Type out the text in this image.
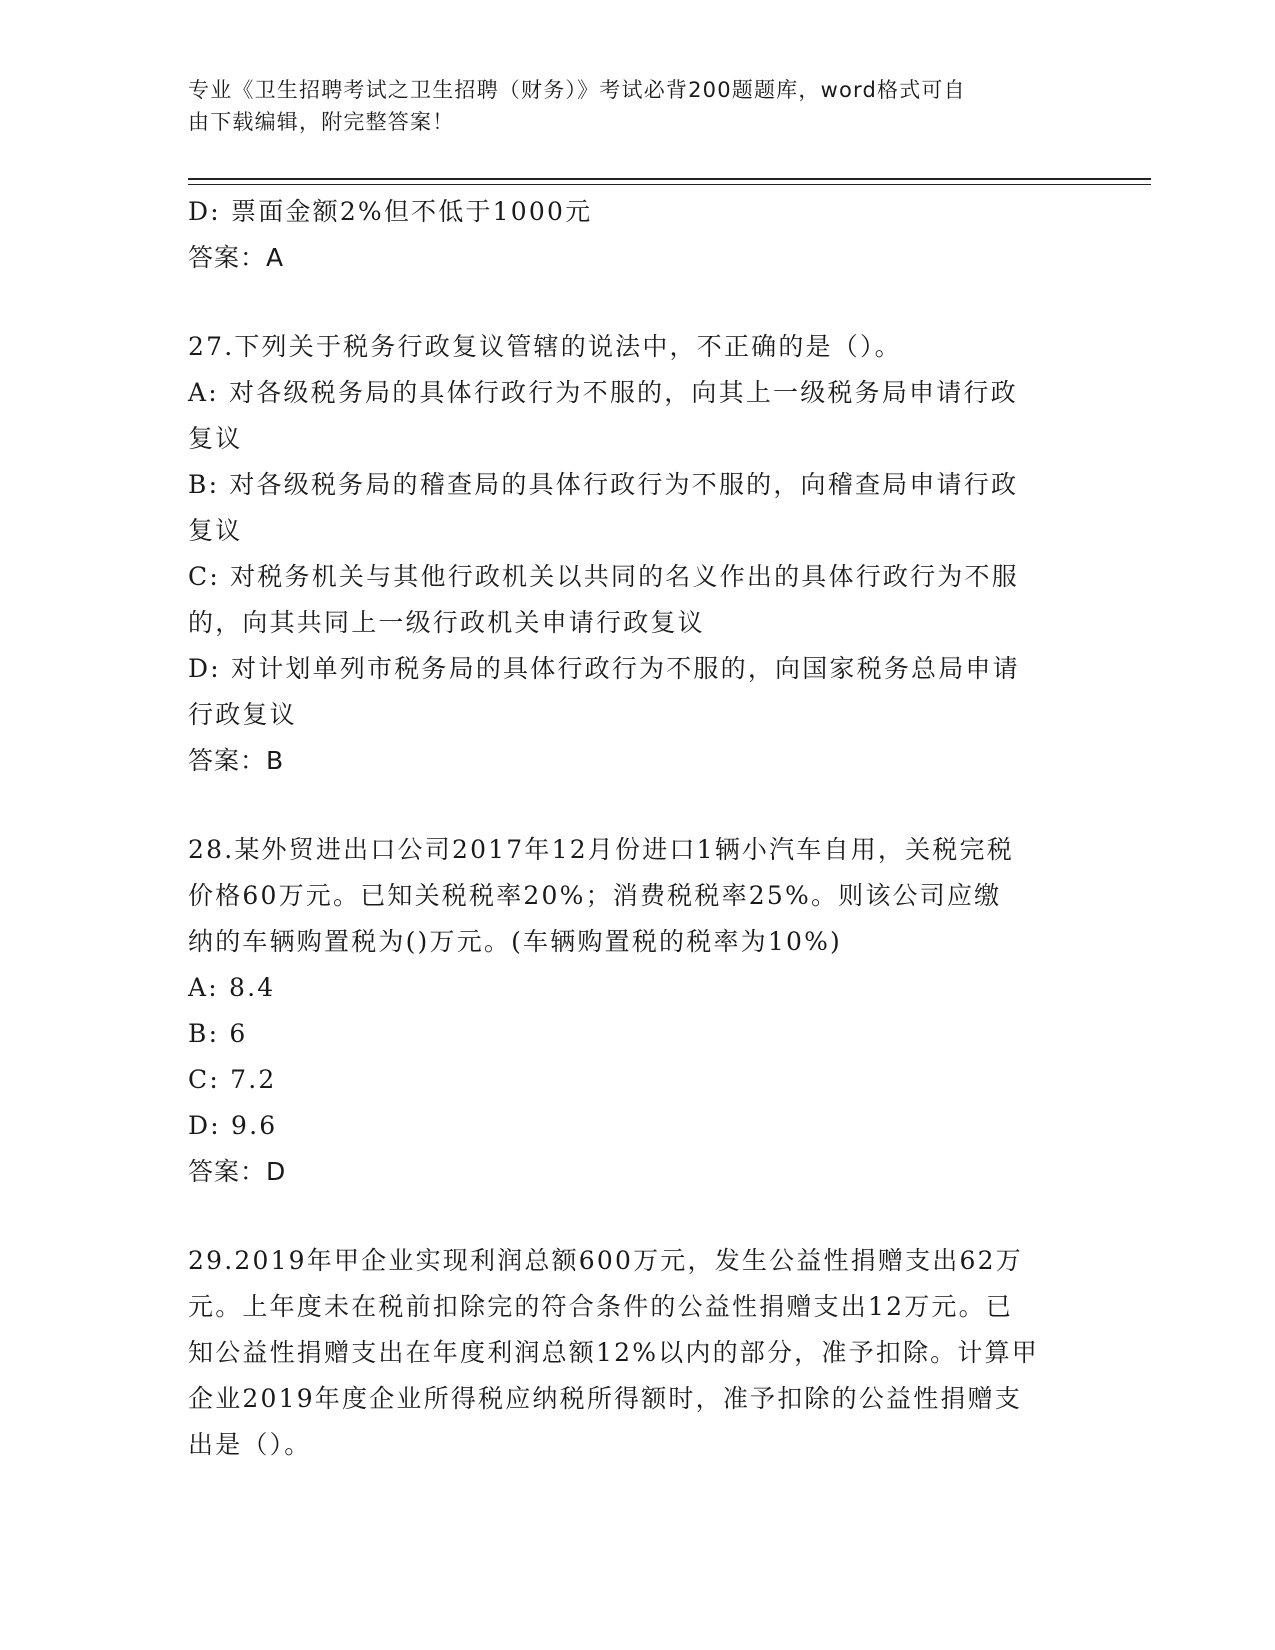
专业《卫生招聘考试之卫生招聘（财务）》考试必背200题题库，word格式可自
由下载编辑，附完整答案！
D: 票面金额2%但不低于1000元
答案：A
27.下列关于税务行政复议管辖的说法中，不正确的是（）。
A: 对各级税务局的具体行政行为不服的，向其上一级税务局申请行政
复议
B: 对各级税务局的稽查局的具体行政行为不服的，向稽查局申请行政
复议
C: 对税务机关与其他行政机关以共同的名义作出的具体行政行为不服
的，向其共同上一级行政机关申请行政复议
D: 对计划单列市税务局的具体行政行为不服的，向国家税务总局申请
行政复议
答案：B
28.某外贸进出口公司2017年12月份进口1辆小汽车自用，关税完税
价格60万元。已知关税税率20%；消费税税率25%。则该公司应缴
纳的车辆购置税为()万元。(车辆购置税的税率为10%)
A: 8.4
B: 6
C: 7.2
D: 9.6
答案：D
29.2019年甲企业实现利润总额600万元，发生公益性捐赠支出62万
元。上年度未在税前扣除完的符合条件的公益性捐赠支出12万元。已
知公益性捐赠支出在年度利润总额12%以内的部分，准予扣除。计算甲
企业2019年度企业所得税应纳税所得额时，准予扣除的公益性捐赠支
出是（）。
